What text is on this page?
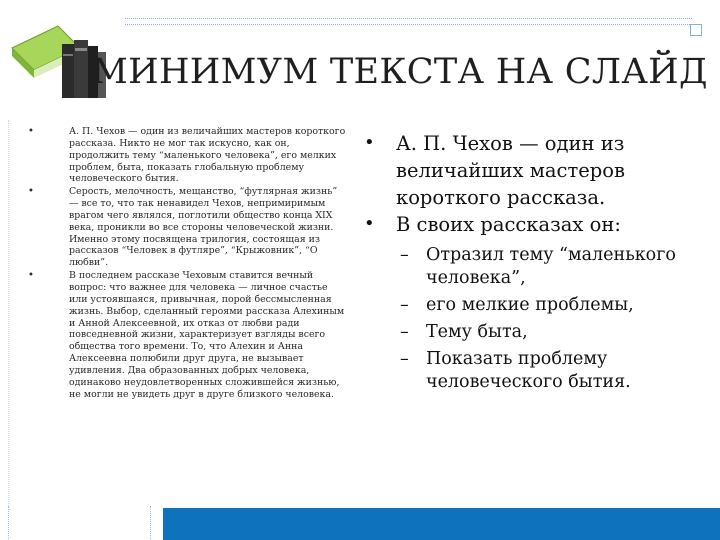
МИНИМУМ ТЕКСТА НА СЛАЙД
•	А. П. Чехов — один из величайших мастеров короткого рассказа. Никто не мог так искусно, как он, продолжить тему “маленького человека”, его мелких проблем, быта, показать глобальную проблему человеческого бытия.
•	Серость, мелочность, мещанство, “футлярная жизнь” — все то, что так ненавидел Чехов, непримиримым врагом чего являлся, поглотили общество конца XIX века, проникли во все стороны человеческой жизни. Именно этому посвящена трилогия, состоящая из рассказов “Человек в футляре”, “Крыжовник”, “О любви”.
•	В последнем рассказе Чеховым ставится вечный вопрос: что важнее для человека — личное счастье или устоявшаяся, привычная, порой бессмысленная жизнь. Выбор, сделанный героями рассказа Алехиным и Анной Алексеевной, их отказ от любви ради повседневной жизни, характеризует взгляды всего общества того времени. То, что Алехин и Анна Алексеевна полюбили друг друга, не вызывает удивления. Два образованных добрых человека, одинаково неудовлетворенных сложившейся жизнью, не могли не увидеть друг в друге близкого человека.
• А. П. Чехов — один из величайших мастеров короткого рассказа.
• В своих рассказах он:
– Отразил тему “маленького человека”,
– его мелкие проблемы,
– Тему быта,
– Показать проблему человеческого бытия.
